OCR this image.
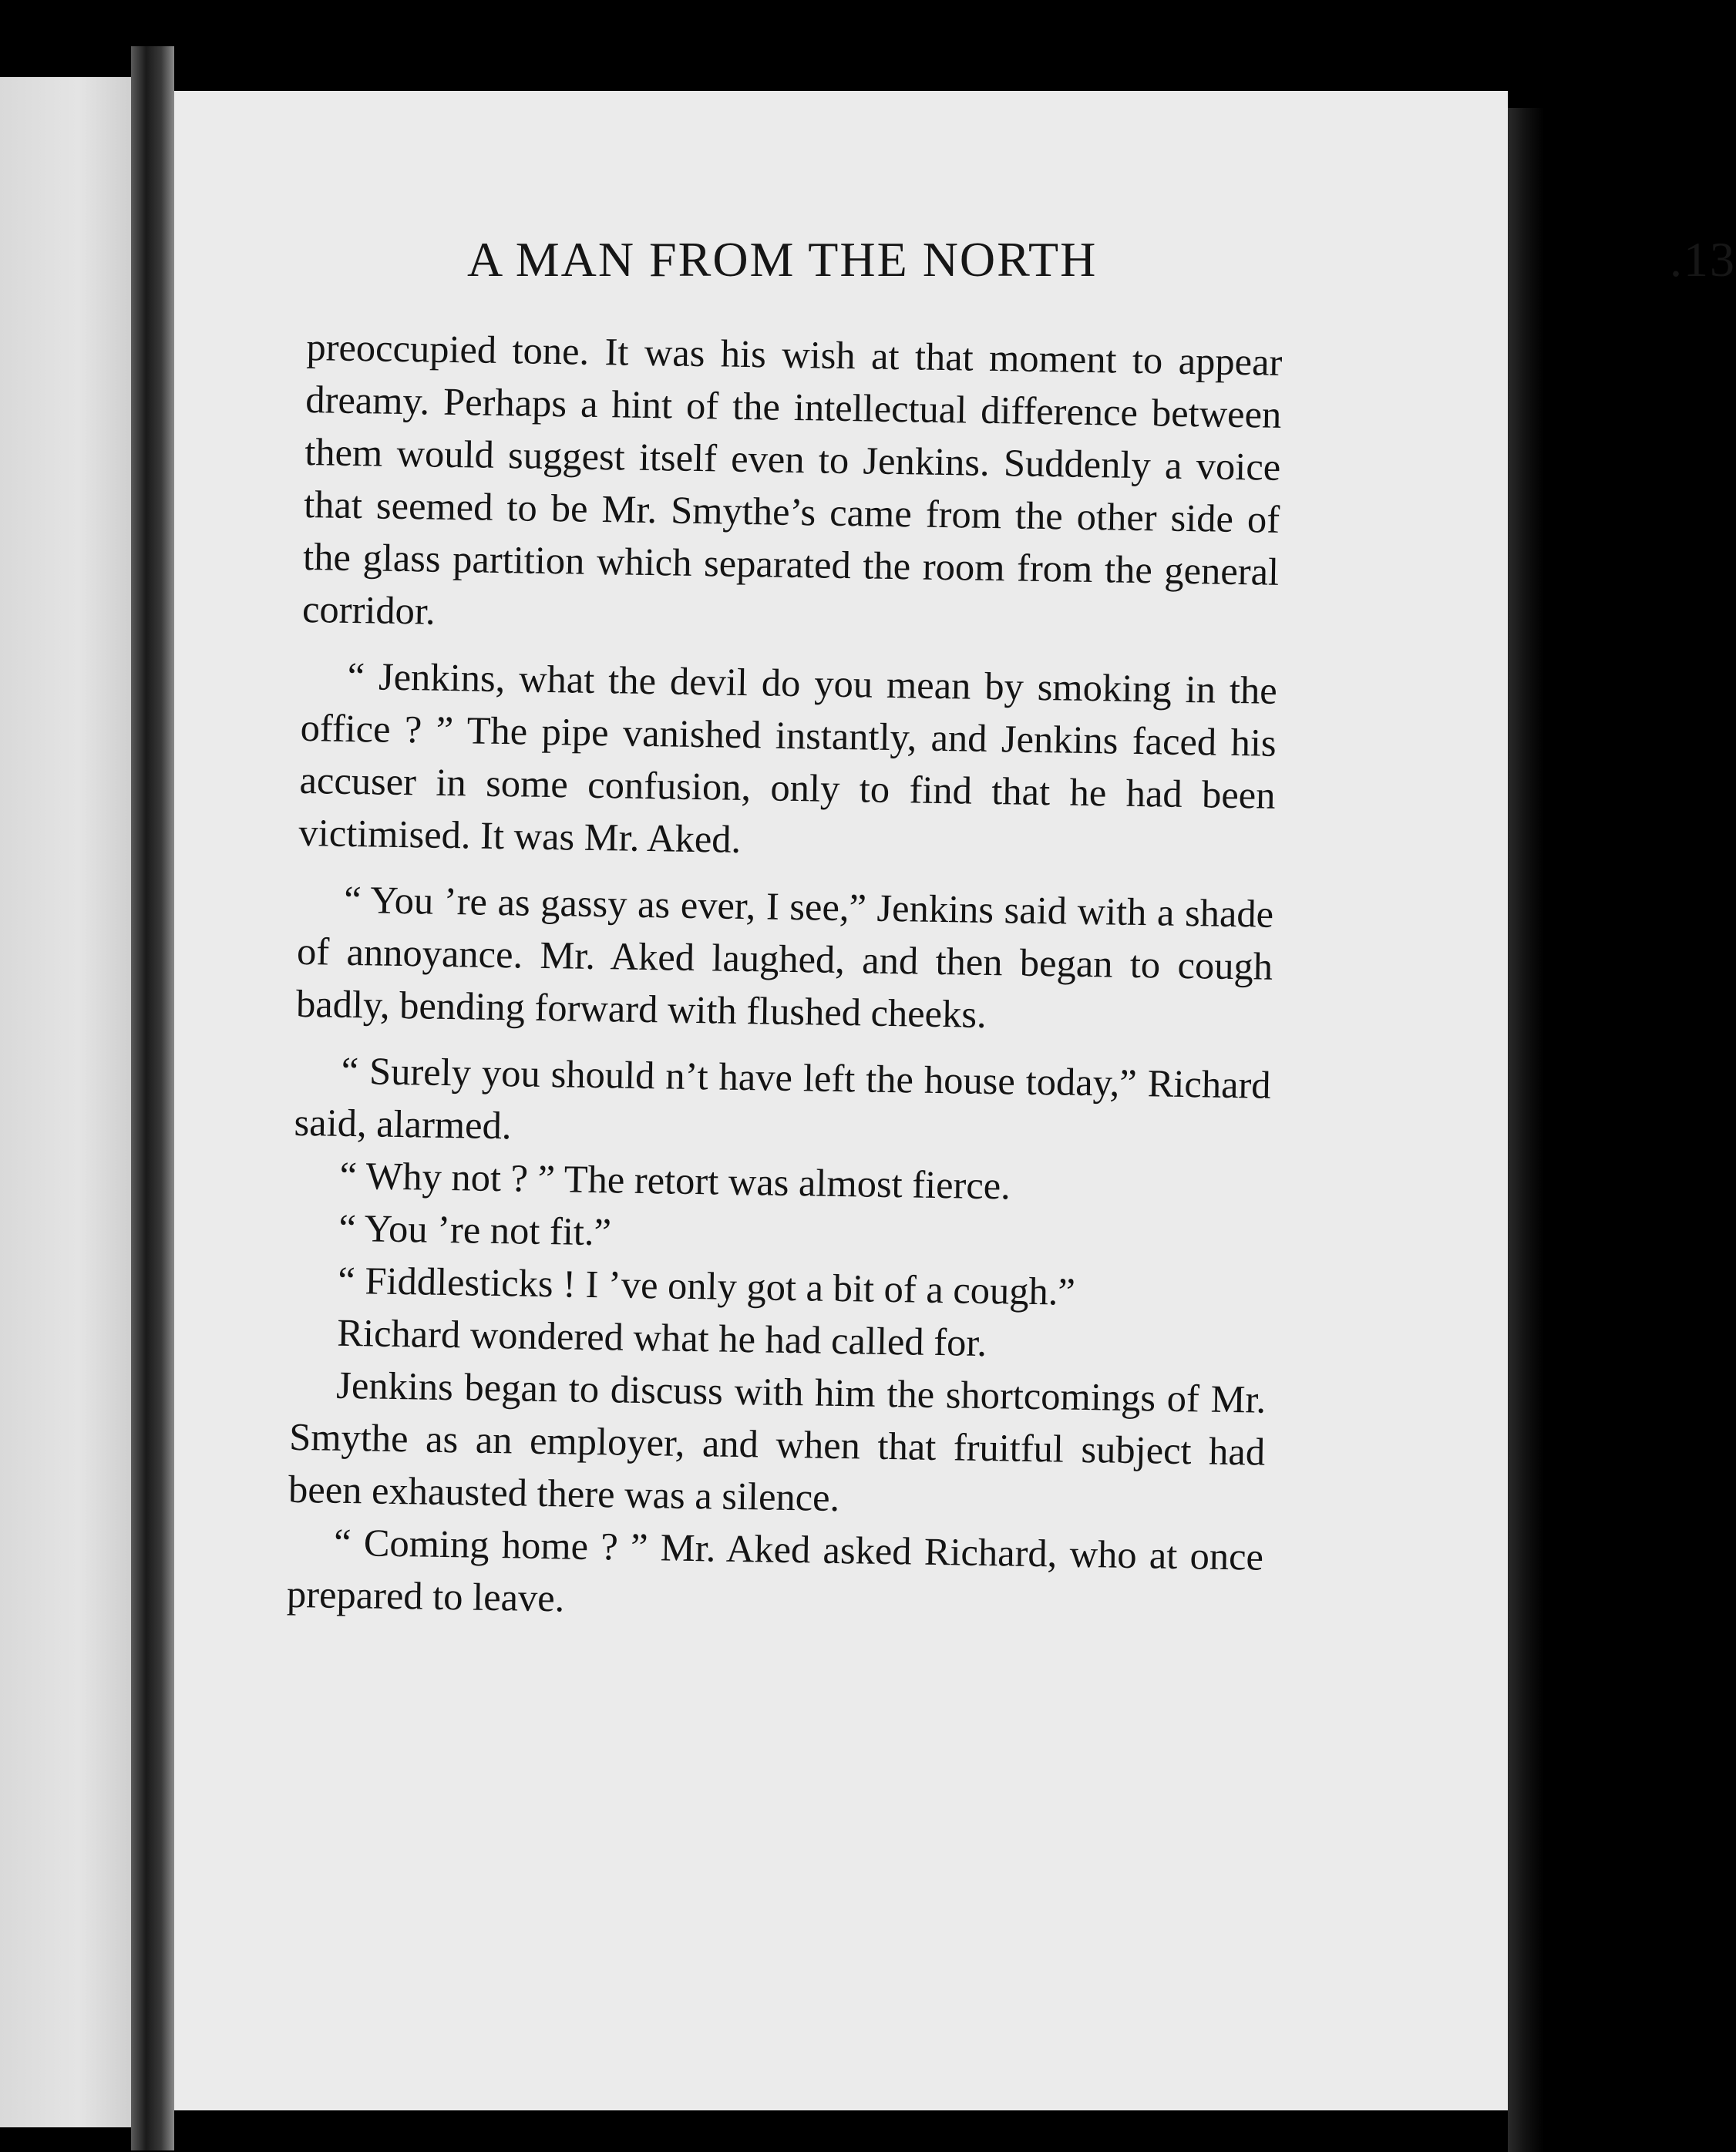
A MAN FROM THE NORTH	.13

preoccupied tone. It was his wish at that moment to appear dreamy. Perhaps a hint of the intellectual difference between them would suggest itself even to Jenkins. Suddenly a voice that seemed to be Mr. Smythe’s came from the other side of the glass partition which separated the room from the general corridor.

“ Jenkins, what the devil do you mean by smoking in the office ? ” The pipe vanished instantly, and Jenkins faced his accuser in some confusion, only to find that he had been victimised. It was Mr. Aked.

“ You ’re as gassy as ever, I see,” Jenkins said with a shade of annoyance. Mr. Aked laughed, and then began to cough badly, bending forward with flushed cheeks.

“ Surely you should n’t have left the house today,” Richard said, alarmed.

“ Why not ? ” The retort was almost fierce.

“ You ’re not fit.”

“ Fiddlesticks ! I ’ve only got a bit of a cough.”

Richard wondered what he had called for.

Jenkins began to discuss with him the shortcomings of Mr. Smythe as an employer, and when that fruitful subject had been exhausted there was a silence.

“ Coming home ? ” Mr. Aked asked Richard, who at once prepared to leave.
